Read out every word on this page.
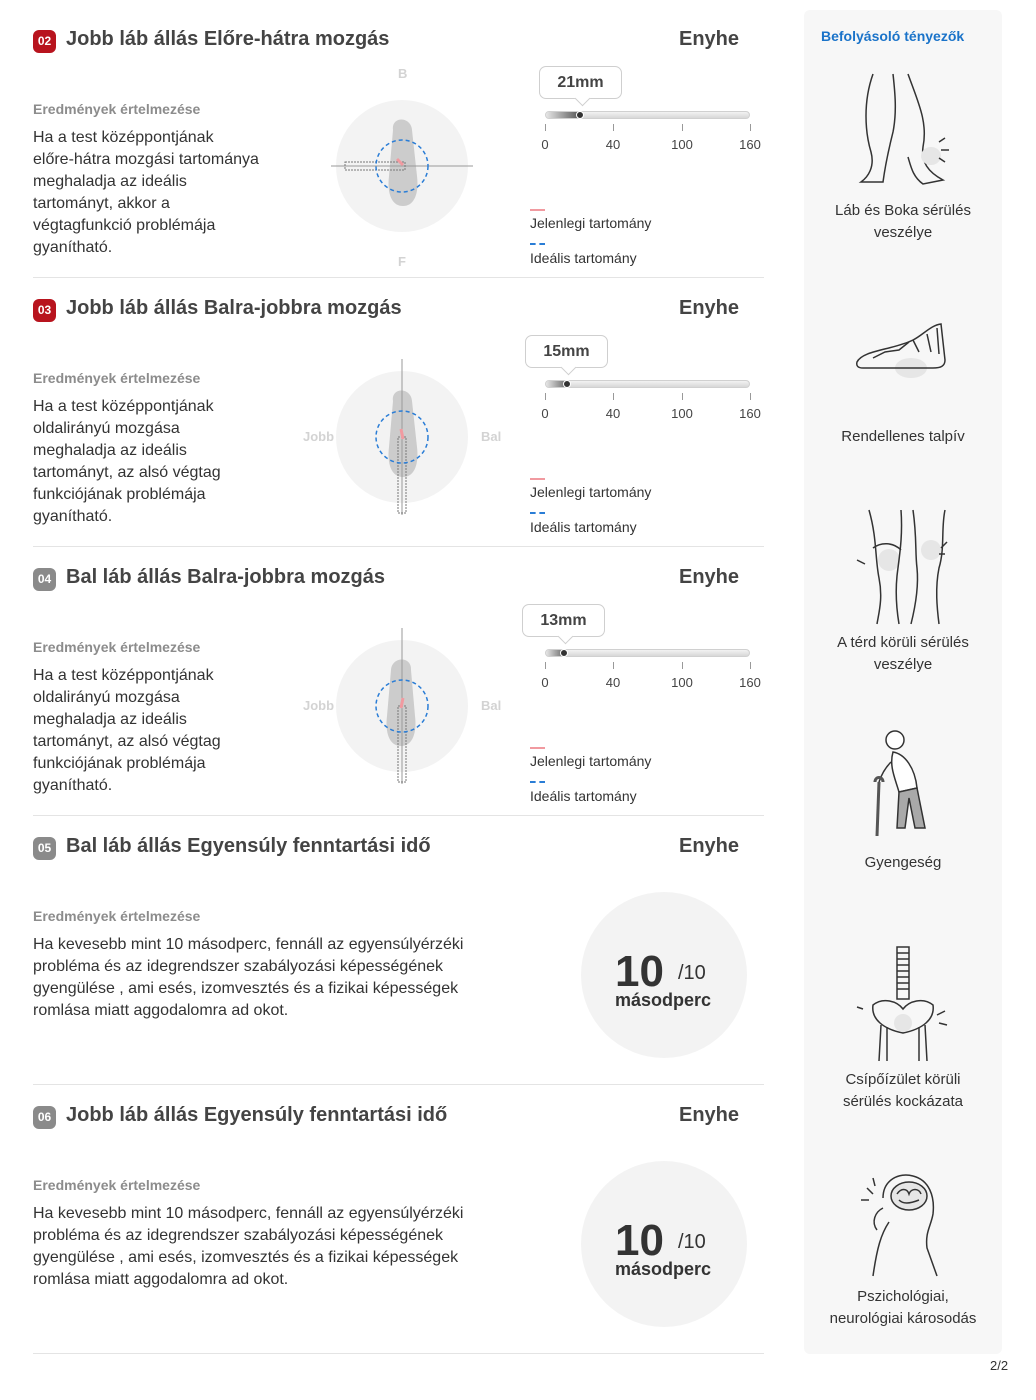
02 Jobb láb állás Előre-hátra mozgás	Enyhe
Eredmények értelmezése
Ha a test középpontjának
előre-hátra mozgási tartománya
meghaladja az ideális
tartományt, akkor a
végtagfunkció problémája
gyanítható.
B
F
21mm
0	40	100	160
Jelenlegi tartomány
Ideális tartomány
03 Jobb láb állás Balra-jobbra mozgás	Enyhe
Eredmények értelmezése
Ha a test középpontjának
oldalirányú mozgása
meghaladja az ideális
tartományt, az alsó végtag
funkciójának problémája
gyanítható.
Jobb	Bal
15mm
0	40	100	160
Jelenlegi tartomány
Ideális tartomány
04 Bal láb állás Balra-jobbra mozgás	Enyhe
Eredmények értelmezése
Ha a test középpontjának
oldalirányú mozgása
meghaladja az ideális
tartományt, az alsó végtag
funkciójának problémája
gyanítható.
Jobb	Bal
13mm
0	40	100	160
Jelenlegi tartomány
Ideális tartomány
05 Bal láb állás Egyensúly fenntartási idő	Enyhe
Eredmények értelmezése
Ha kevesebb mint 10 másodperc, fennáll az egyensúlyérzéki
probléma és az idegrendszer szabályozási képességének
gyengülése , ami esés, izomvesztés és a fizikai képességek
romlása miatt aggodalomra ad okot.
10 /10
másodperc
06 Jobb láb állás Egyensúly fenntartási idő	Enyhe
Eredmények értelmezése
Ha kevesebb mint 10 másodperc, fennáll az egyensúlyérzéki
probléma és az idegrendszer szabályozási képességének
gyengülése , ami esés, izomvesztés és a fizikai képességek
romlása miatt aggodalomra ad okot.
10 /10
másodperc
Befolyásoló tényezők
Láb és Boka sérülés
veszélye
Rendellenes talpív
A térd körüli sérülés
veszélye
Gyengeség
Csípőízület körüli
sérülés kockázata
Pszichológiai,
neurológiai károsodás
2/2
